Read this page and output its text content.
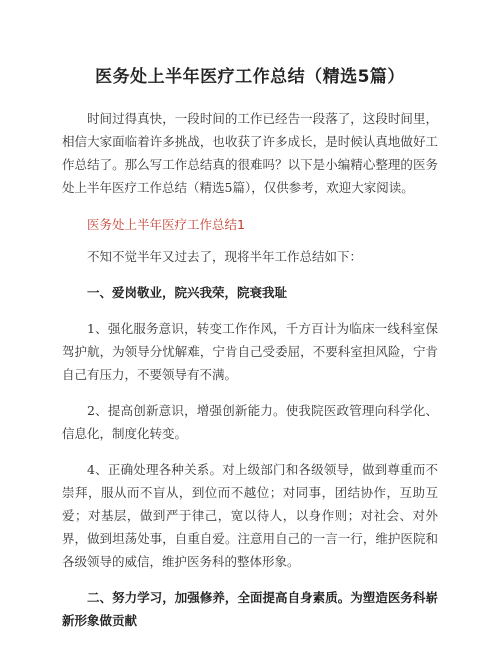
医务处上半年医疗工作总结（精选5篇）

时间过得真快，一段时间的工作已经告一段落了，这段时间里，相信大家面临着许多挑战，也收获了许多成长，是时候认真地做好工作总结了。那么写工作总结真的很难吗？以下是小编精心整理的医务处上半年医疗工作总结（精选5篇），仅供参考，欢迎大家阅读。

医务处上半年医疗工作总结1

不知不觉半年又过去了，现将半年工作总结如下：

一、爱岗敬业，院兴我荣，院衰我耻

1、强化服务意识，转变工作作风，千方百计为临床一线科室保驾护航，为领导分忧解难，宁肯自己受委屈，不要科室担风险，宁肯自己有压力，不要领导有不满。

2、提高创新意识，增强创新能力。使我院医政管理向科学化、信息化，制度化转变。

4、正确处理各种关系。对上级部门和各级领导，做到尊重而不崇拜，服从而不盲从，到位而不越位；对同事，团结协作，互助互爱；对基层，做到严于律己，宽以待人，以身作则；对社会、对外界，做到坦荡处事，自重自爱。注意用自己的一言一行，维护医院和各级领导的威信，维护医务科的整体形象。

二、努力学习，加强修养，全面提高自身素质。为塑造医务科崭新形象做贡献
